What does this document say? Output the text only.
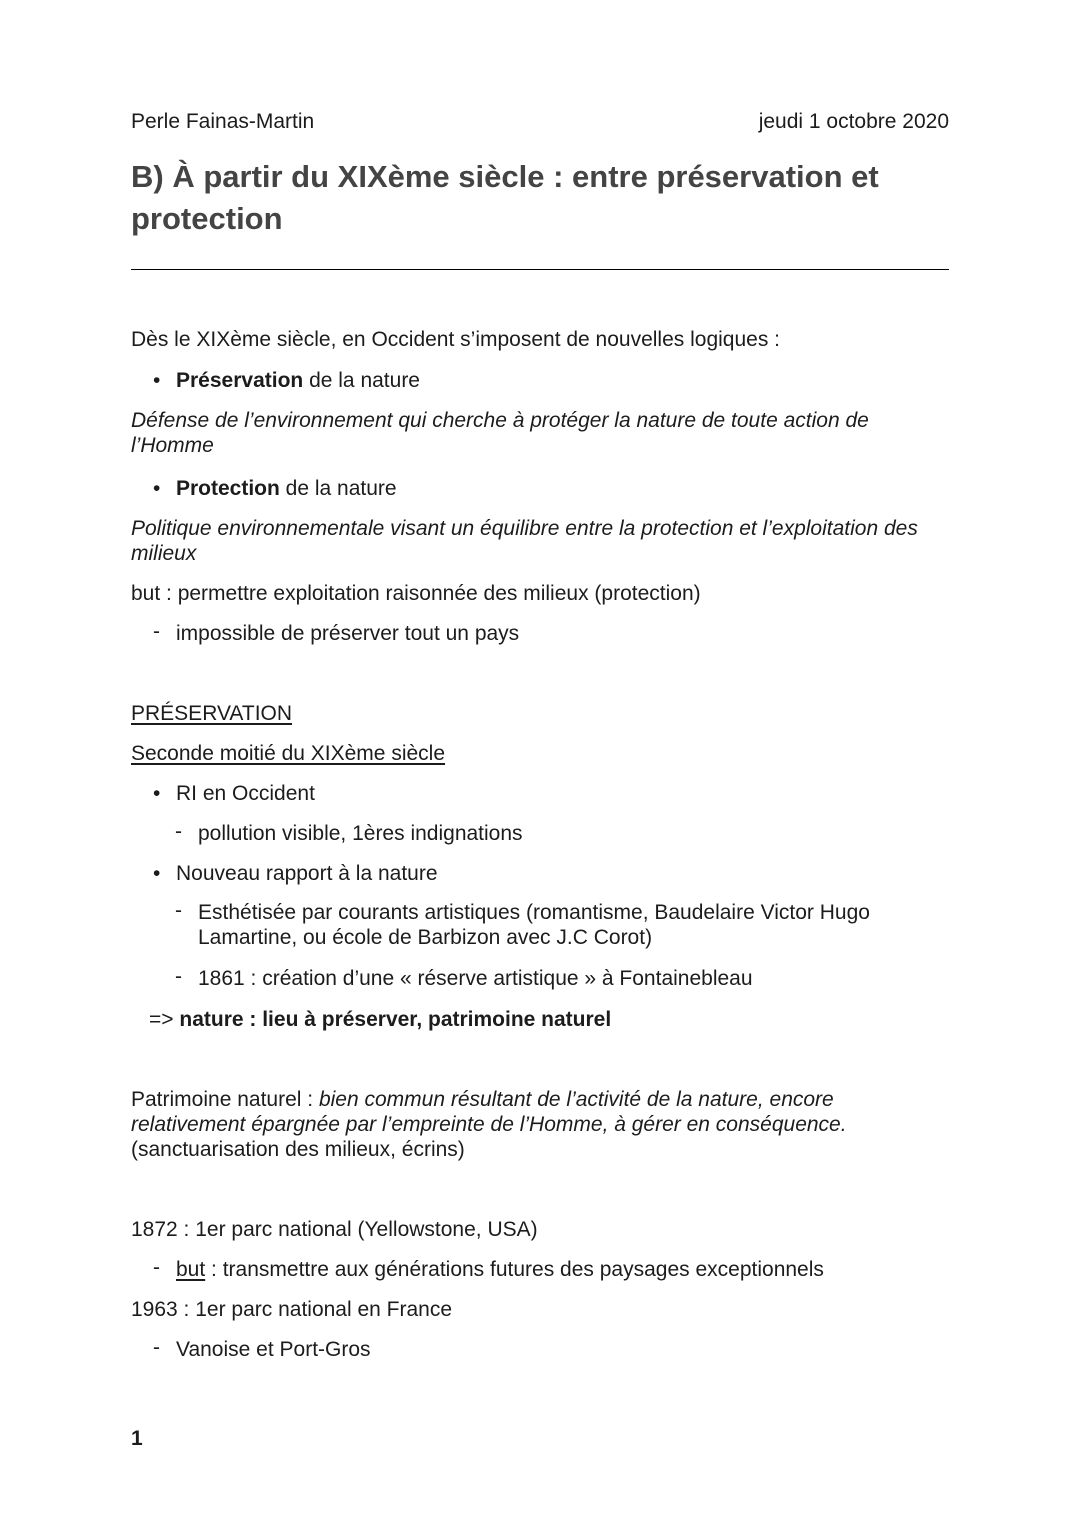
Perle Fainas-Martin	jeudi 1 octobre 2020
B) À partir du XIXème siècle : entre préservation et protection
Dès le XIXème siècle, en Occident s’imposent de nouvelles logiques :
• Préservation de la nature
Défense de l’environnement qui cherche à protéger la nature de toute action de l’Homme
• Protection de la nature
Politique environnementale visant un équilibre entre la protection et l’exploitation des milieux
but : permettre exploitation raisonnée des milieux (protection)
- impossible de préserver tout un pays
PRÉSERVATION
Seconde moitié du XIXème siècle
• RI en Occident
- pollution visible, 1ères indignations
• Nouveau rapport à la nature
- Esthétisée par courants artistiques (romantisme, Baudelaire Victor Hugo Lamartine, ou école de Barbizon avec J.C Corot)
- 1861 : création d’une « réserve artistique » à Fontainebleau
=> nature : lieu à préserver, patrimoine naturel
Patrimoine naturel : bien commun résultant de l’activité de la nature, encore relativement épargnée par l’empreinte de l’Homme, à gérer en conséquence.
(sanctuarisation des milieux, écrins)
1872 : 1er parc national (Yellowstone, USA)
- but : transmettre aux générations futures des paysages exceptionnels
1963 : 1er parc national en France
- Vanoise et Port-Gros
1
